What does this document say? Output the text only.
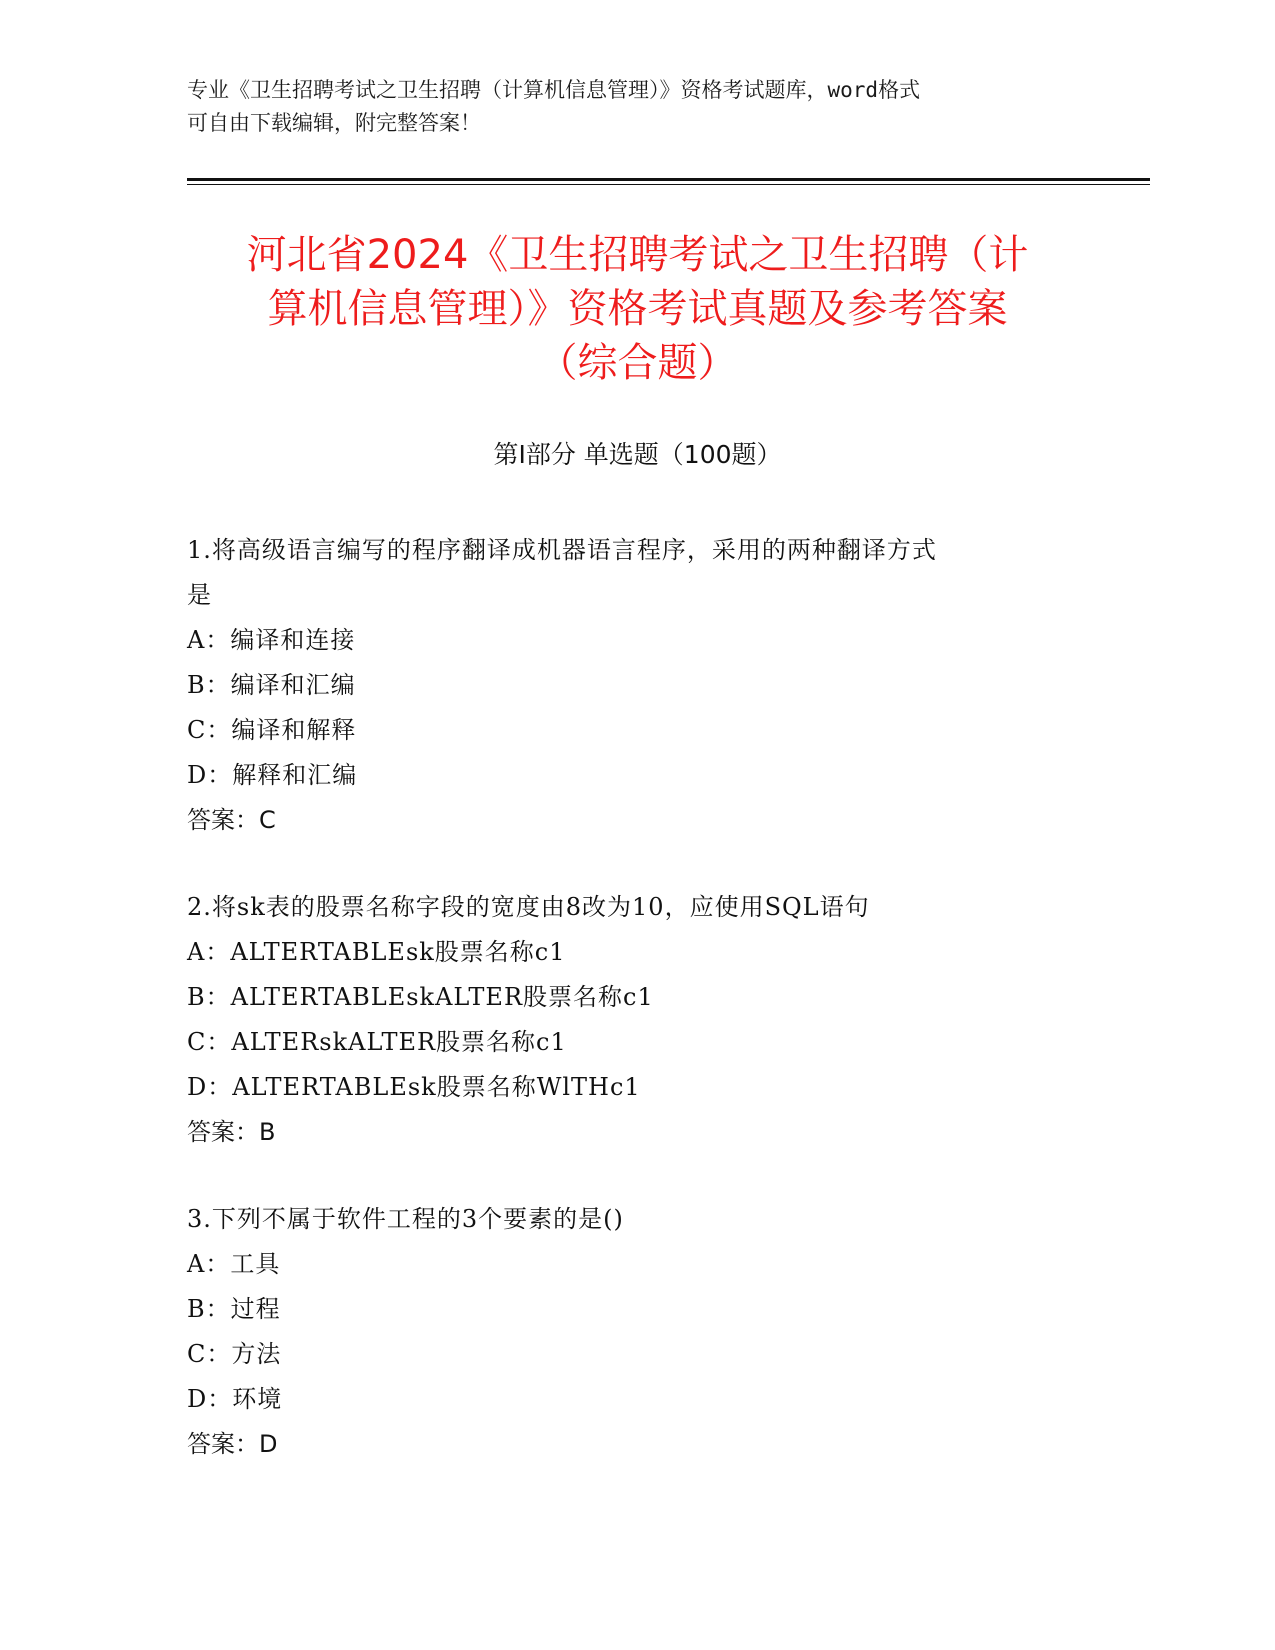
专业《卫生招聘考试之卫生招聘（计算机信息管理）》资格考试题库，word格式
可自由下载编辑，附完整答案！
河北省2024《卫生招聘考试之卫生招聘（计
算机信息管理）》资格考试真题及参考答案
（综合题）
第Ⅰ部分 单选题（100题）
1.将高级语言编写的程序翻译成机器语言程序，采用的两种翻译方式
是
A：编译和连接
B：编译和汇编
C：编译和解释
D：解释和汇编
答案：C
2.将sk表的股票名称字段的宽度由8改为10，应使用SQL语句
A：ALTERTABLEsk股票名称c1
B：ALTERTABLEskALTER股票名称c1
C：ALTERskALTER股票名称c1
D：ALTERTABLEsk股票名称WlTHc1
答案：B
3.下列不属于软件工程的3个要素的是()
A：工具
B：过程
C：方法
D：环境
答案：D
